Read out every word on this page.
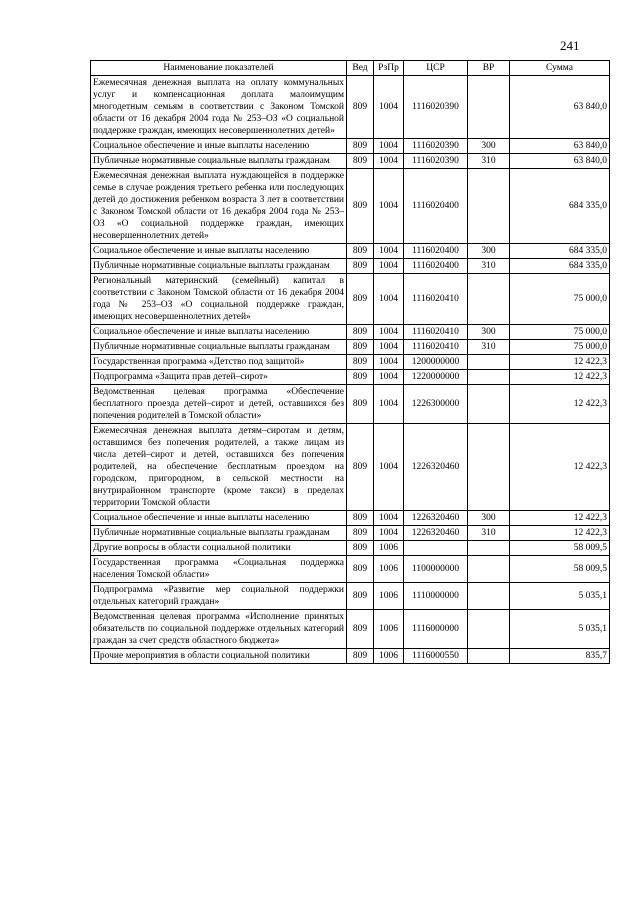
241
Наименование показателей	Вед	РзПр	ЦСР	ВР	Сумма
Ежемесячная денежная выплата на оплату коммунальных услуг и компенсационная доплата малоимущим многодетным семьям в соответствии с Законом Томской области от 16 декабря 2004 года № 253–ОЗ «О социальной поддержке граждан, имеющих несовершеннолетних детей»	809	1004	1116020390		63 840,0
Социальное обеспечение и иные выплаты населению	809	1004	1116020390	300	63 840,0
Публичные нормативные социальные выплаты гражданам	809	1004	1116020390	310	63 840,0
Ежемесячная денежная выплата нуждающейся в поддержке семье в случае рождения третьего ребенка или последующих детей до достижения ребенком возраста 3 лет в соответствии с Законом Томской области от 16 декабря 2004 года № 253–ОЗ «О социальной поддержке граждан, имеющих несовершеннолетних детей»	809	1004	1116020400		684 335,0
Социальное обеспечение и иные выплаты населению	809	1004	1116020400	300	684 335,0
Публичные нормативные социальные выплаты гражданам	809	1004	1116020400	310	684 335,0
Региональный материнский (семейный) капитал в соответствии с Законом Томской области от 16 декабря 2004 года № 253–ОЗ «О социальной поддержке граждан, имеющих несовершеннолетних детей»	809	1004	1116020410		75 000,0
Социальное обеспечение и иные выплаты населению	809	1004	1116020410	300	75 000,0
Публичные нормативные социальные выплаты гражданам	809	1004	1116020410	310	75 000,0
Государственная программа «Детство под защитой»	809	1004	1200000000		12 422,3
Подпрограмма «Защита прав детей–сирот»	809	1004	1220000000		12 422,3
Ведомственная целевая программа «Обеспечение бесплатного проезда детей–сирот и детей, оставшихся без попечения родителей в Томской области»	809	1004	1226300000		12 422,3
Ежемесячная денежная выплата детям–сиротам и детям, оставшимся без попечения родителей, а также лицам из числа детей–сирот и детей, оставшихся без попечения родителей, на обеспечение бесплатным проездом на городском, пригородном, в сельской местности на внутрирайонном транспорте (кроме такси) в пределах территории Томской области	809	1004	1226320460		12 422,3
Социальное обеспечение и иные выплаты населению	809	1004	1226320460	300	12 422,3
Публичные нормативные социальные выплаты гражданам	809	1004	1226320460	310	12 422,3
Другие вопросы в области социальной политики	809	1006			58 009,5
Государственная программа «Социальная поддержка населения Томской области»	809	1006	1100000000		58 009,5
Подпрограмма «Развитие мер социальной поддержки отдельных категорий граждан»	809	1006	1110000000		5 035,1
Ведомственная целевая программа «Исполнение принятых обязательств по социальной поддержке отдельных категорий граждан за счет средств областного бюджета»	809	1006	1116000000		5 035,1
Прочие мероприятия в области социальной политики	809	1006	1116000550		835,7
